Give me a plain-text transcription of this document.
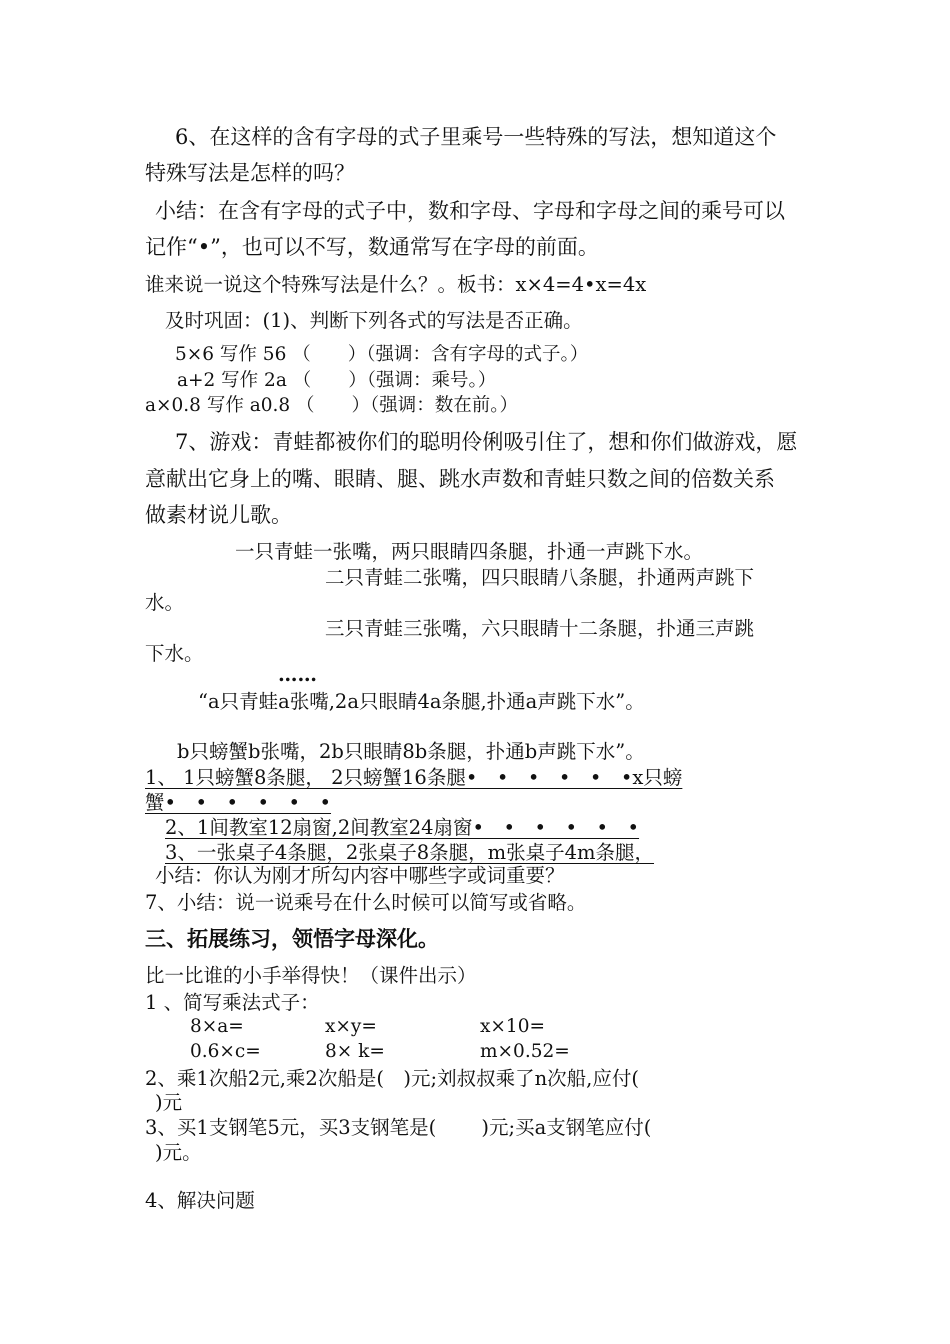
6、在这样的含有字母的式子里乘号一些特殊的写法，想知道这个
特殊写法是怎样的吗？
小结：在含有字母的式子中，数和字母、字母和字母之间的乘号可以
记作“•”，也可以不写，数通常写在字母的前面。
谁来说一说这个特殊写法是什么？。板书：x×4=4•x=4x
及时巩固：(1)、判断下列各式的写法是否正确。
5×6 写作 56 （　　）（强调：含有字母的式子。）
a+2 写作 2a （　　）（强调：乘号。）
a×0.8 写作 a0.8 （　　）（强调：数在前。）
7、游戏：青蛙都被你们的聪明伶俐吸引住了，想和你们做游戏，愿
意献出它身上的嘴、眼睛、腿、跳水声数和青蛙只数之间的倍数关系
做素材说儿歌。
一只青蛙一张嘴，两只眼睛四条腿，扑通一声跳下水。
二只青蛙二张嘴，四只眼睛八条腿，扑通两声跳下
水。
三只青蛙三张嘴，六只眼睛十二条腿，扑通三声跳
下水。
……
“a只青蛙a张嘴,2a只眼睛4a条腿,扑通a声跳下水”。
b只螃蟹b张嘴，2b只眼睛8b条腿，扑通b声跳下水”。
1、 1只螃蟹8条腿， 2只螃蟹16条腿•　•　•　•　•　•x只螃
蟹•　•　•　•　•　•
2、1间教室12扇窗,2间教室24扇窗•　•　•　•　•　•
3、一张桌子4条腿，2张桌子8条腿，m张桌子4m条腿，
小结：你认为刚才所勾内容中哪些字或词重要？
7、小结：说一说乘号在什么时候可以简写或省略。
三、拓展练习，领悟字母深化。
比一比谁的小手举得快！（课件出示）
1 、简写乘法式子：
8×a=	x×y=	x×10=
0.6×c=	8× k=	m×0.52=
2、乘1次船2元,乘2次船是(　)元;刘叔叔乘了n次船,应付(
)元
3、买1支钢笔5元，买3支钢笔是(　　 )元;买a支钢笔应付(
)元。
4、解决问题
